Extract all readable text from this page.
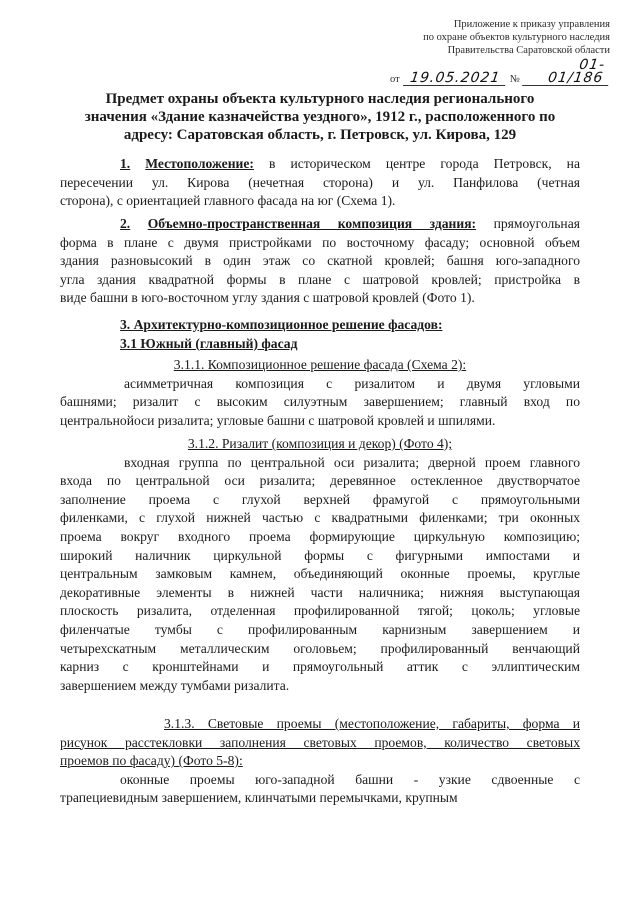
Приложение к приказу управления
по охране объектов культурного наследия
Правительства Саратовской области
от 19.05.2021 №
01-01/186
Предмет охраны объекта культурного наследия регионального
значения «Здание казначейства уездного», 1912 г., расположенного по
адресу: Саратовская область, г. Петровск, ул. Кирова, 129
1. Местоположение: в историческом центре города Петровск, на
пересечении ул. Кирова (нечетная сторона) и ул. Панфилова (четная
сторона), с ориентацией главного фасада на юг (Схема 1).
2. Объемно-пространственная композиция здания: прямоугольная
форма в плане с двумя пристройками по восточному фасаду; основной объем
здания разновысокий в один этаж со скатной кровлей; башня юго-западного
угла здания квадратной формы в плане с шатровой кровлей; пристройка в
виде башни в юго-восточном углу здания с шатровой кровлей (Фото 1).
3. Архитектурно-композиционное решение фасадов:
3.1 Южный (главный) фасад
3.1.1. Композиционное решение фасада (Схема 2):
асимметричная композиция с ризалитом и двумя угловыми
башнями; ризалит с высоким силуэтным завершением; главный вход по
центральнойоси ризалита; угловые башни с шатровой кровлей и шпилями.
3.1.2. Ризалит (композиция и декор) (Фото 4);
входная группа по центральной оси ризалита; дверной проем главного
входа по центральной оси ризалита; деревянное остекленное двустворчатое
заполнение проема с глухой верхней фрамугой с прямоугольными
филенками, с глухой нижней частью с квадратными филенками; три оконных
проема вокруг входного проема формирующие циркульную композицию;
широкий наличник циркульной формы с фигурными импостами и
центральным замковым камнем, объединяющий оконные проемы, круглые
декоративные элементы в нижней части наличника; нижняя выступающая
плоскость ризалита, отделенная профилированной тягой; цоколь; угловые
филенчатые тумбы с профилированным карнизным завершением и
четырехскатным металлическим оголовьем; профилированный венчающий
карниз с кронштейнами и прямоугольный аттик с эллиптическим
завершением между тумбами ризалита.
3.1.3. Световые проемы (местоположение, габариты, форма и
рисунок расстекловки заполнения световых проемов, количество световых
проемов по фасаду) (Фото 5-8):
оконные проемы юго-западной башни - узкие сдвоенные с
трапециевидным завершением, клинчатыми перемычками, крупным
